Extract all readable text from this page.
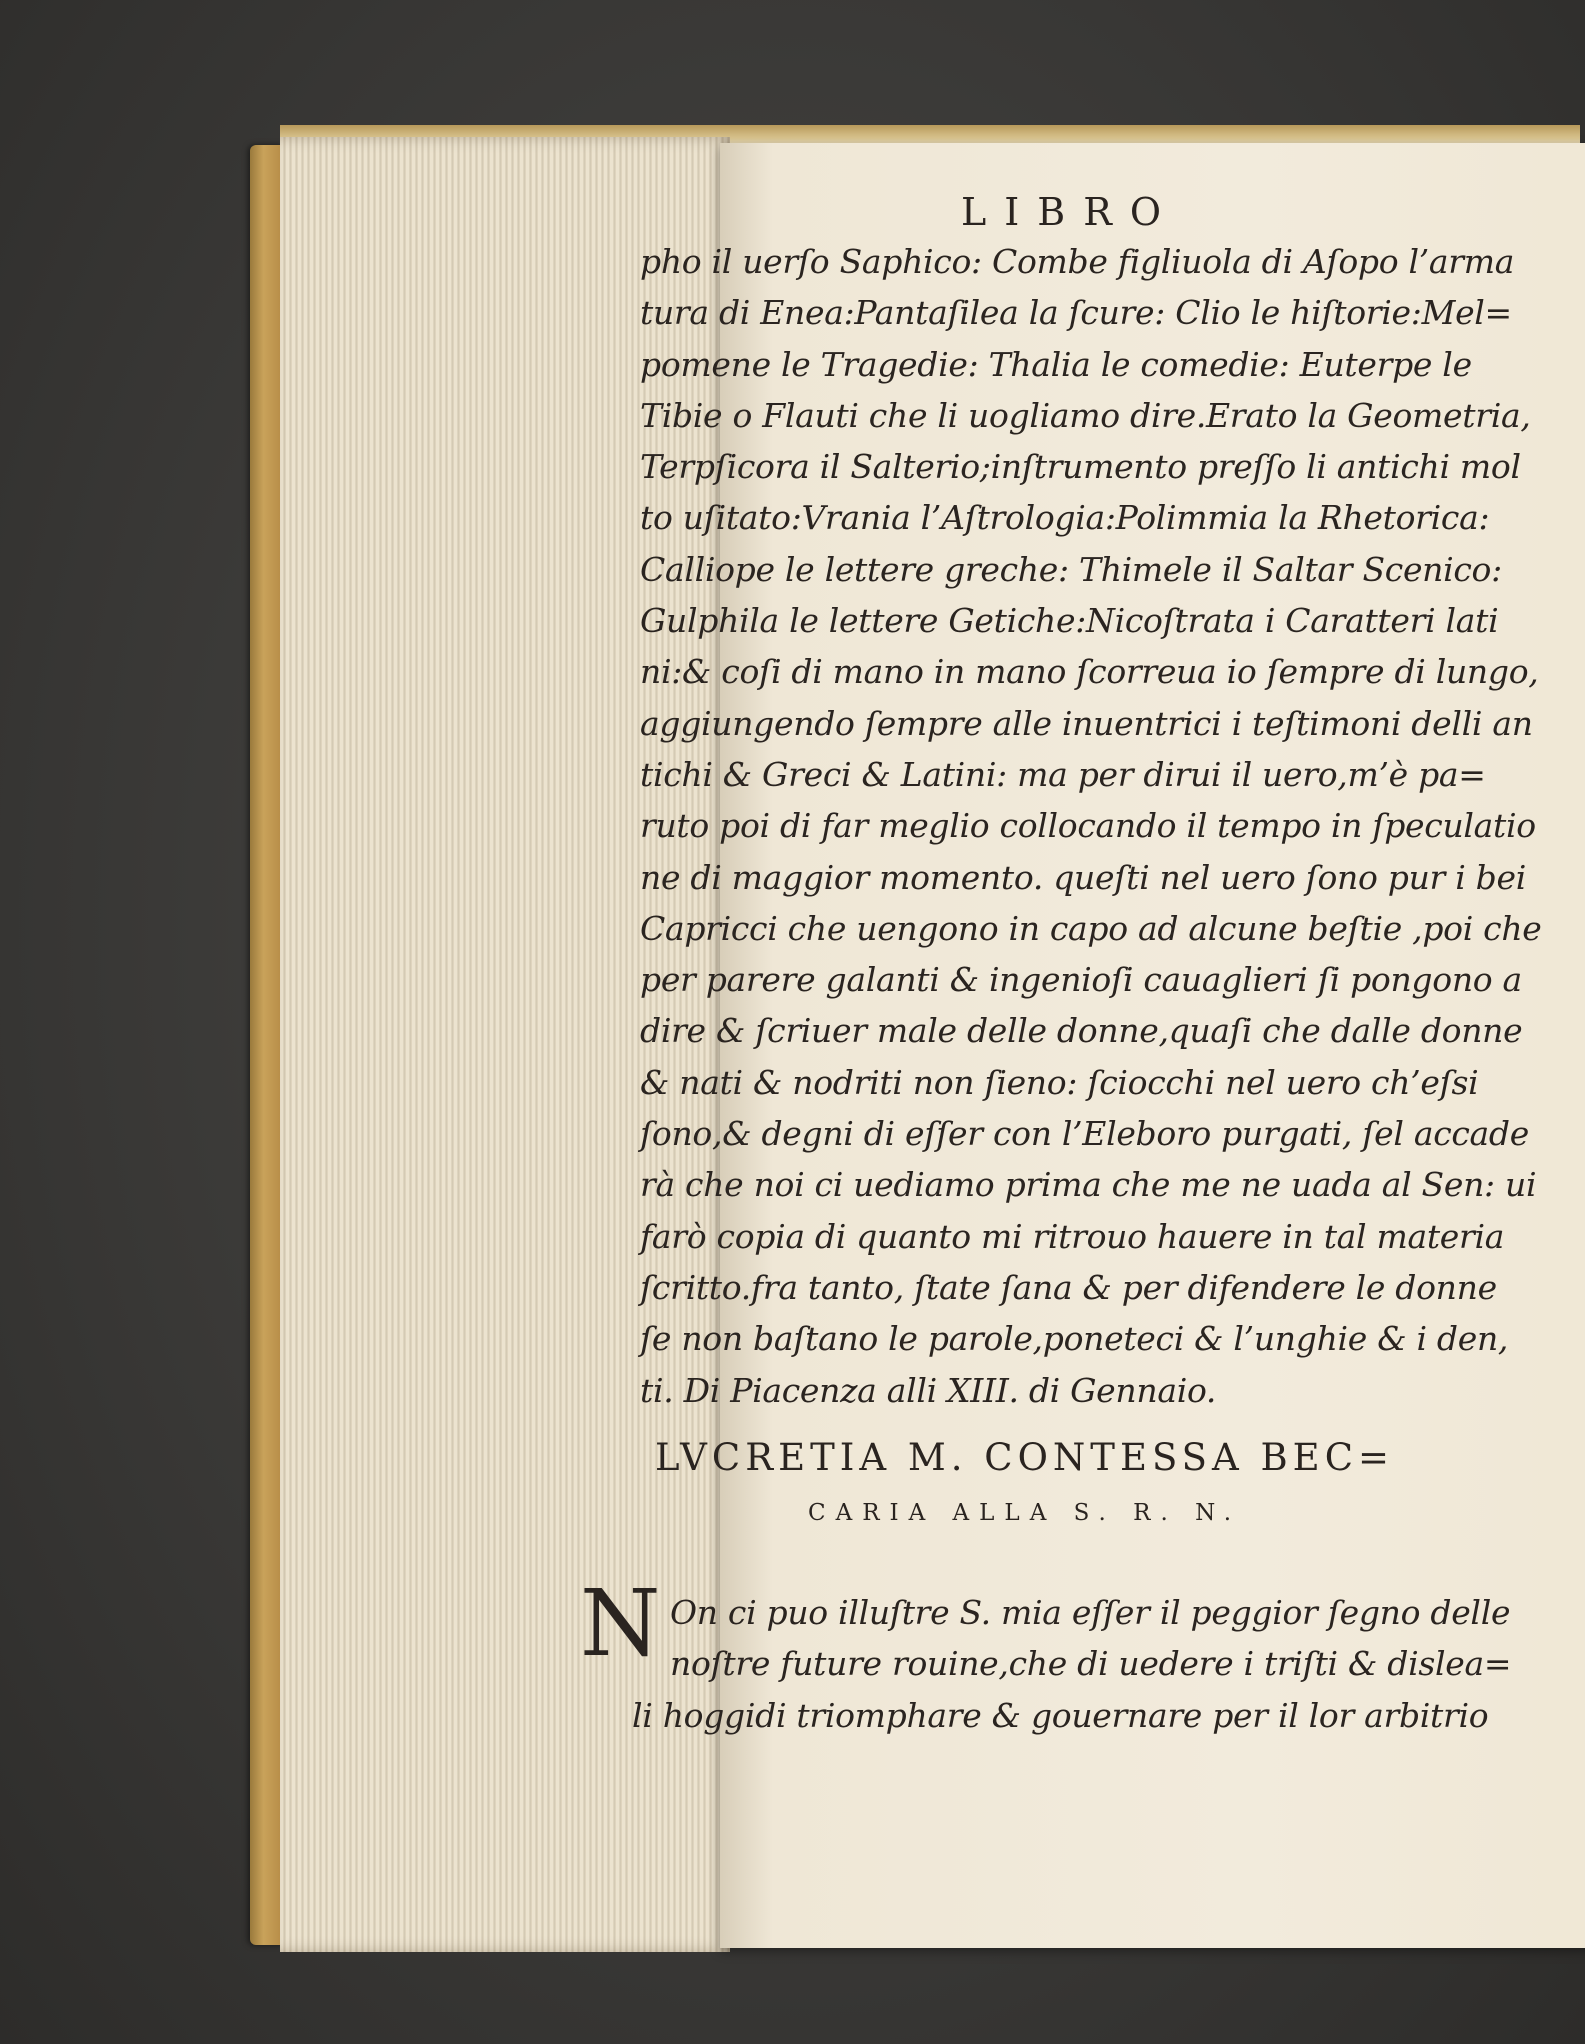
LIBRO
pho il uerſo Saphico: Combe figliuola di Aſopo l’arma
tura di Enea:Pantaſilea la ſcure: Clio le hiſtorie:Mel=
pomene le Tragedie: Thalia le comedie: Euterpe le
Tibie o Flauti che li uogliamo dire.Erato la Geometria,
Terpſicora il Salterio;inſtrumento preſſo li antichi mol
to uſitato:Vrania l’Aſtrologia:Polimmia la Rhetorica:
Calliope le lettere greche: Thimele il Saltar Scenico:
Gulphila le lettere Getiche:Nicoſtrata i Caratteri lati
ni:& coſi di mano in mano ſcorreua io ſempre di lungo,
aggiungendo ſempre alle inuentrici i teſtimoni delli an
tichi & Greci & Latini: ma per dirui il uero,m’è pa=
ruto poi di far meglio collocando il tempo in ſpeculatio
ne di maggior momento. queſti nel uero ſono pur i bei
Capricci che uengono in capo ad alcune beſtie ,poi che
per parere galanti & ingenioſi cauaglieri ſi pongono a
dire & ſcriuer male delle donne,quaſi che dalle donne
& nati & nodriti non ſieno: ſciocchi nel uero ch’eſsi
ſono,& degni di eſſer con l’Eleboro purgati, ſel accade
rà che noi ci uediamo prima che me ne uada al Sen: ui
farò copia di quanto mi ritrouo hauere in tal materia
ſcritto.fra tanto, ſtate ſana & per difendere le donne
ſe non baſtano le parole,poneteci & l’unghie & i den,
ti. Di Piacenza alli XIII. di Gennaio.
LVCRETIA M. CONTESSA BEC=
CARIA ALLA S. R. N.
N On ci puo illuſtre S. mia eſſer il peggior ſegno delle
noſtre future rouine,che di uedere i triſti & dislea=
li hoggidi triomphare & gouernare per il lor arbitrio
